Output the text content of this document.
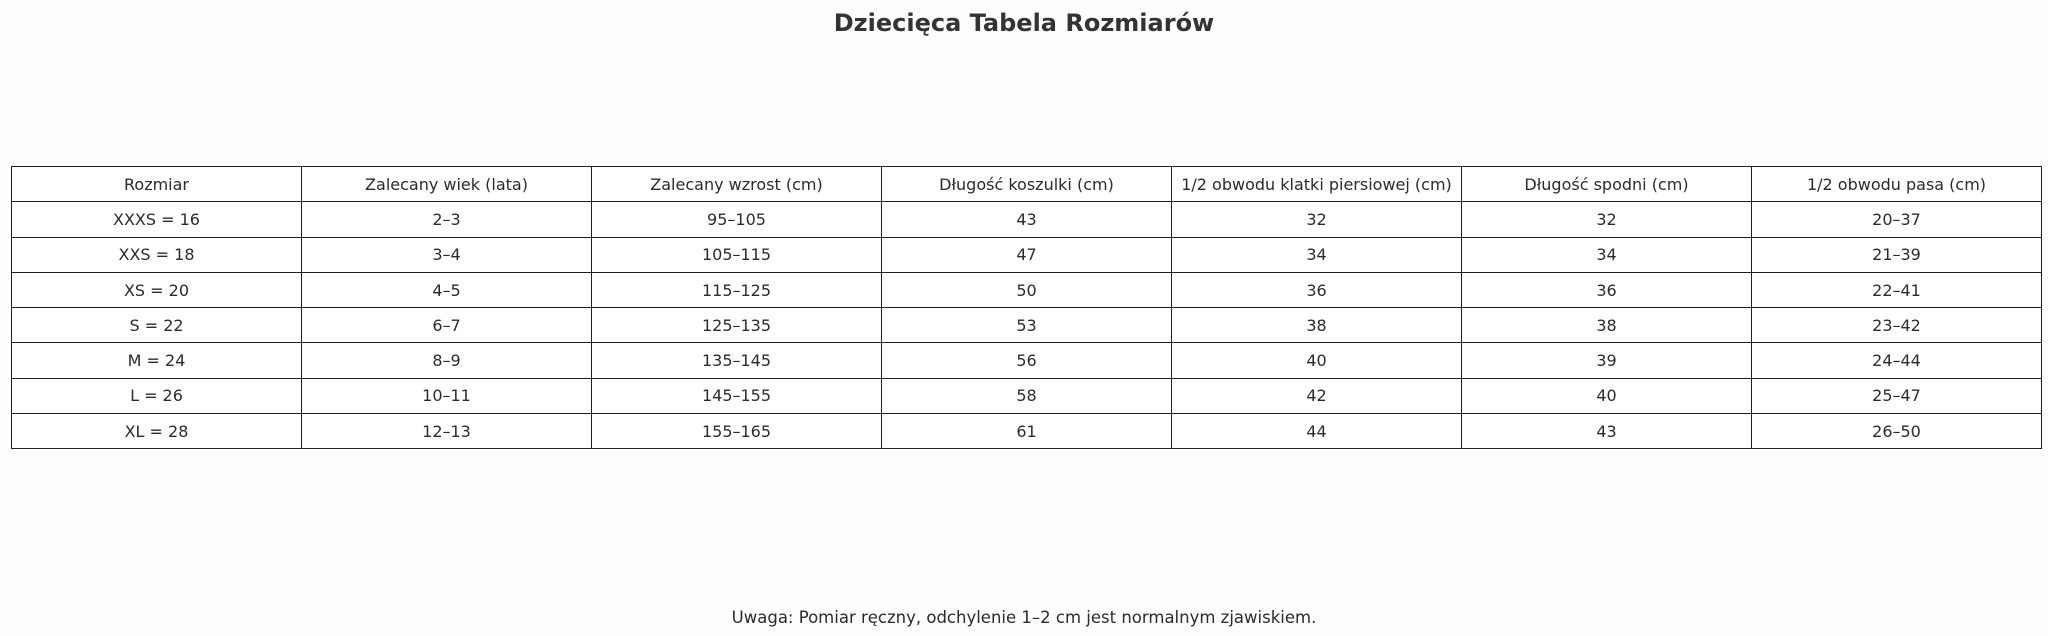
Dziecięca Tabela Rozmiarów
Rozmiar	Zalecany wiek (lata)	Zalecany wzrost (cm)	Długość koszulki (cm)	1/2 obwodu klatki piersiowej (cm)	Długość spodni (cm)	1/2 obwodu pasa (cm)
XXXS = 16	2–3	95–105	43	32	32	20–37
XXS = 18	3–4	105–115	47	34	34	21–39
XS = 20	4–5	115–125	50	36	36	22–41
S = 22	6–7	125–135	53	38	38	23–42
M = 24	8–9	135–145	56	40	39	24–44
L = 26	10–11	145–155	58	42	40	25–47
XL = 28	12–13	155–165	61	44	43	26–50
Uwaga: Pomiar ręczny, odchylenie 1–2 cm jest normalnym zjawiskiem.
